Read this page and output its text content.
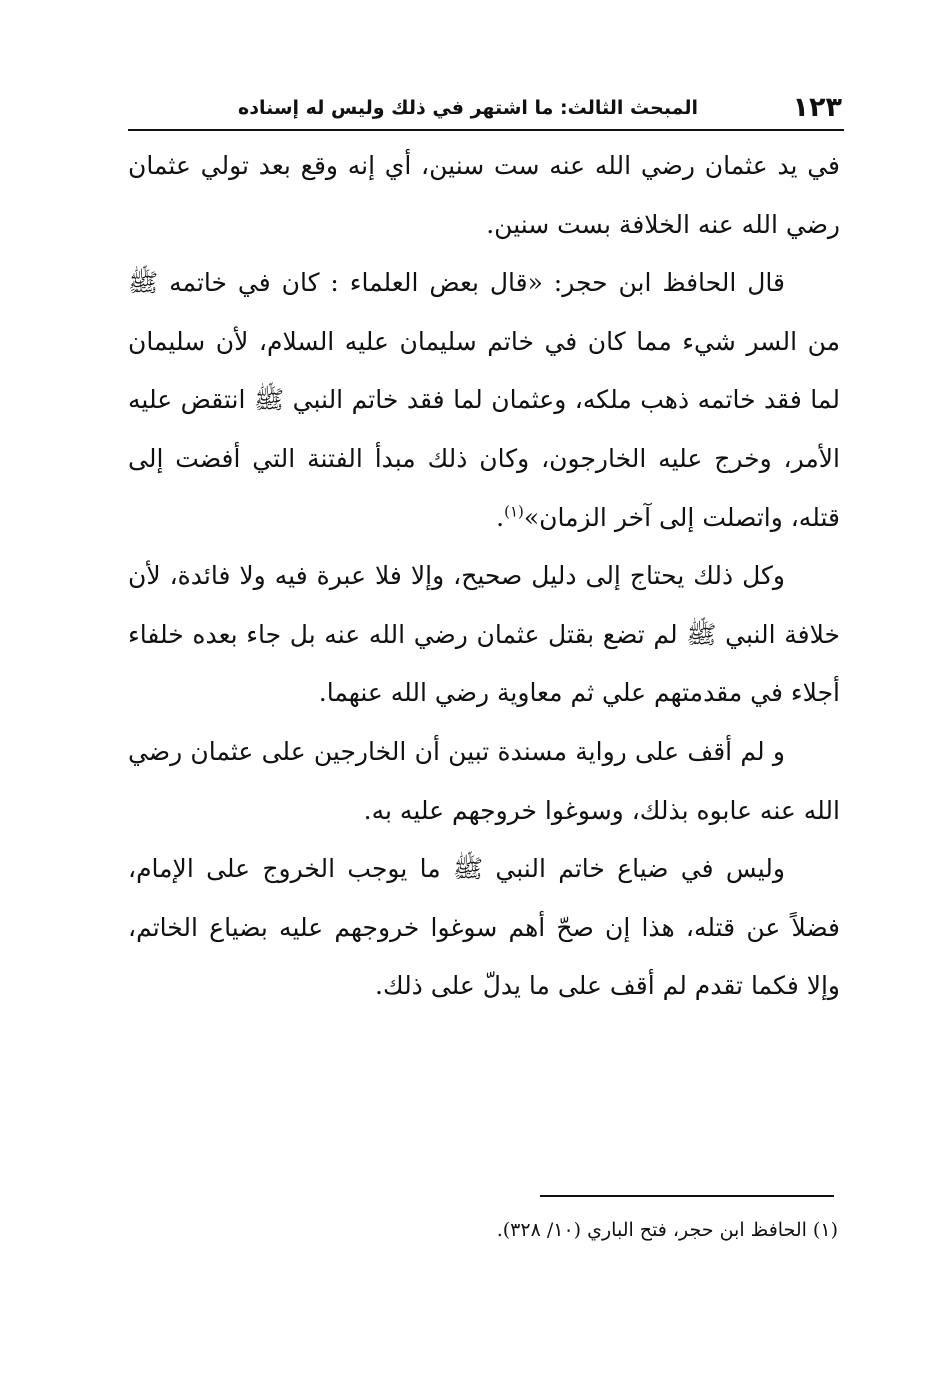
١٢٣
المبحث الثالث: ما اشتهر في ذلك وليس له إسناده

في يد عثمان رضي الله عنه ست سنين، أي إنه وقع بعد تولي عثمان رضي الله عنه الخلافة بست سنين.

قال الحافظ ابن حجر: «قال بعض العلماء : كان في خاتمه ﷺ من السر شيء مما كان في خاتم سليمان عليه السلام، لأن سليمان لما فقد خاتمه ذهب ملكه، وعثمان لما فقد خاتم النبي ﷺ انتقض عليه الأمر، وخرج عليه الخارجون، وكان ذلك مبدأ الفتنة التي أفضت إلى قتله، واتصلت إلى آخر الزمان»$^{(١)}$.

وكل ذلك يحتاج إلى دليل صحيح، وإلا فلا عبرة فيه ولا فائدة، لأن خلافة النبي ﷺ لم تضع بقتل عثمان رضي الله عنه بل جاء بعده خلفاء أجلاء في مقدمتهم علي ثم معاوية رضي الله عنهما.

و لم أقف على رواية مسندة تبين أن الخارجين على عثمان رضي الله عنه عابوه بذلك، وسوغوا خروجهم عليه به.

وليس في ضياع خاتم النبي ﷺ ما يوجب الخروج على الإمام، فضلاً عن قتله، هذا إن صحّ أهم سوغوا خروجهم عليه بضياع الخاتم، وإلا فكما تقدم لم أقف على ما يدلّ على ذلك.

(١) الحافظ ابن حجر، فتح الباري (١٠/ ٣٢٨).
